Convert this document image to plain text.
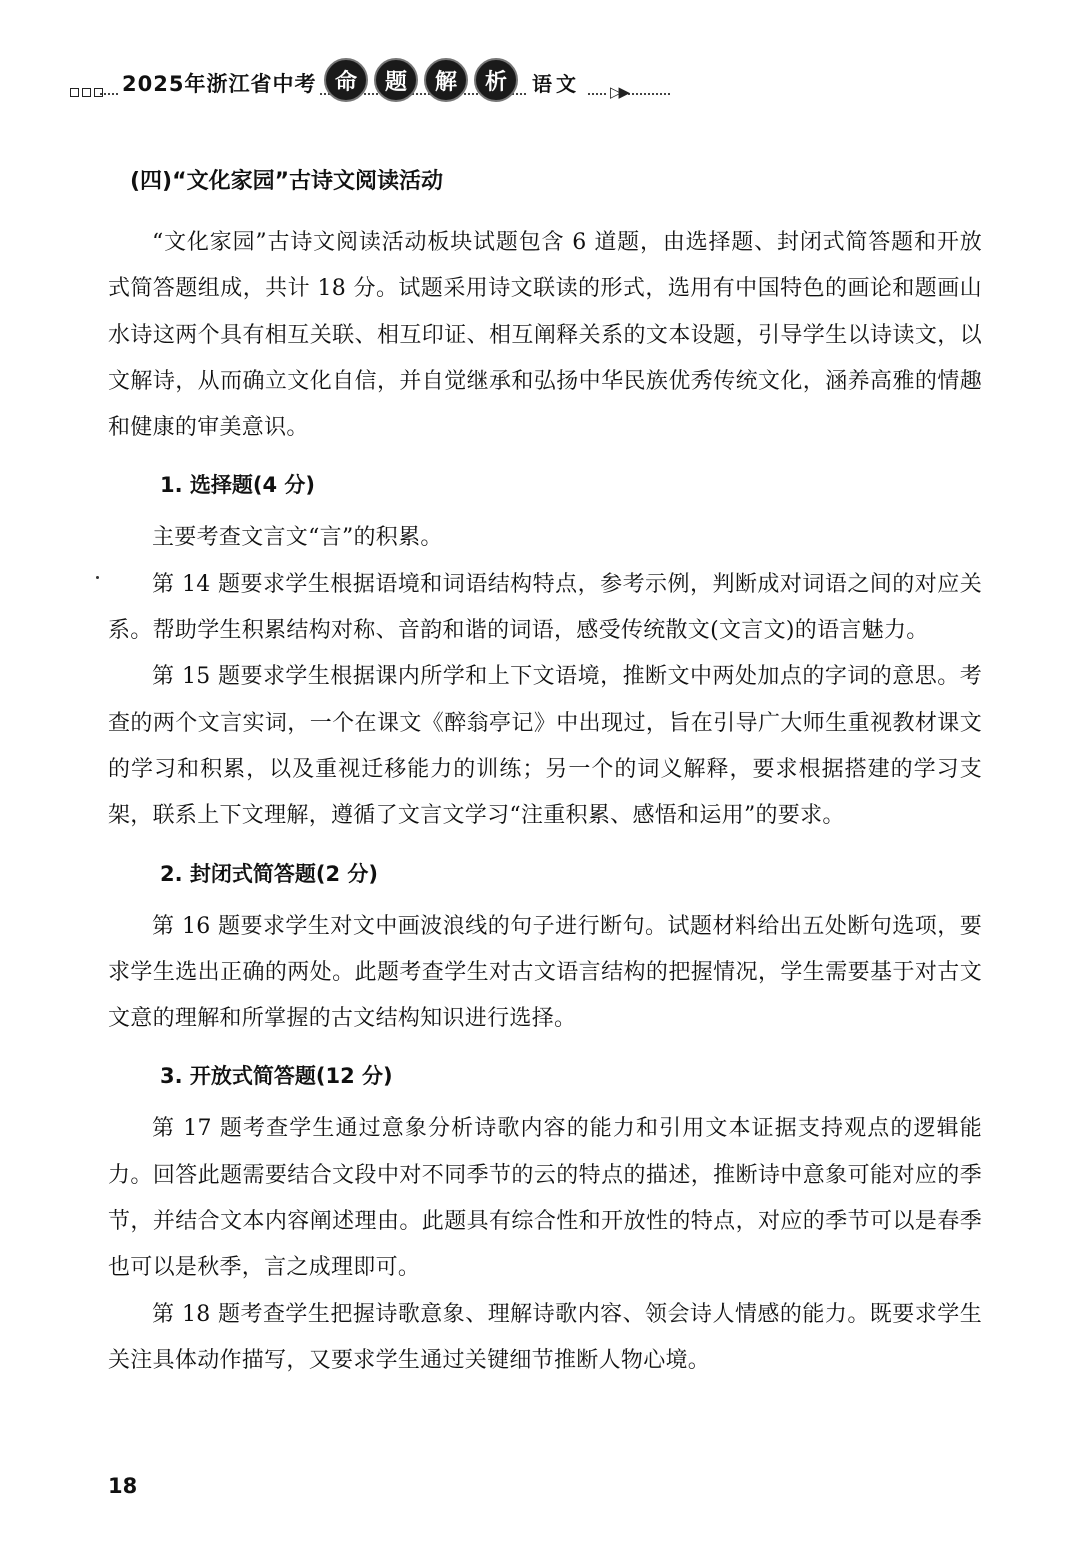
2025年浙江省中考 命	题	解	析	语文	▷▶
(四)“文化家园”古诗文阅读活动

“文化家园”古诗文阅读活动板块试题包含 6 道题，由选择题、封闭式简答题和开放式简答题组成，共计 18 分。试题采用诗文联读的形式，选用有中国特色的画论和题画山水诗这两个具有相互关联、相互印证、相互阐释关系的文本设题，引导学生以诗读文，以文解诗，从而确立文化自信，并自觉继承和弘扬中华民族优秀传统文化，涵养高雅的情趣和健康的审美意识。

1. 选择题(4 分)

主要考查文言文“言”的积累。

第 14 题要求学生根据语境和词语结构特点，参考示例，判断成对词语之间的对应关系。帮助学生积累结构对称、音韵和谐的词语，感受传统散文(文言文)的语言魅力。

第 15 题要求学生根据课内所学和上下文语境，推断文中两处加点的字词的意思。考查的两个文言实词，一个在课文《醉翁亭记》中出现过，旨在引导广大师生重视教材课文的学习和积累，以及重视迁移能力的训练；另一个的词义解释，要求根据搭建的学习支架，联系上下文理解，遵循了文言文学习“注重积累、感悟和运用”的要求。

2. 封闭式简答题(2 分)

第 16 题要求学生对文中画波浪线的句子进行断句。试题材料给出五处断句选项，要求学生选出正确的两处。此题考查学生对古文语言结构的把握情况，学生需要基于对古文文意的理解和所掌握的古文结构知识进行选择。

3. 开放式简答题(12 分)

第 17 题考查学生通过意象分析诗歌内容的能力和引用文本证据支持观点的逻辑能力。回答此题需要结合文段中对不同季节的云的特点的描述，推断诗中意象可能对应的季节，并结合文本内容阐述理由。此题具有综合性和开放性的特点，对应的季节可以是春季也可以是秋季，言之成理即可。

第 18 题考查学生把握诗歌意象、理解诗歌内容、领会诗人情感的能力。既要求学生关注具体动作描写，又要求学生通过关键细节推断人物心境。

18
